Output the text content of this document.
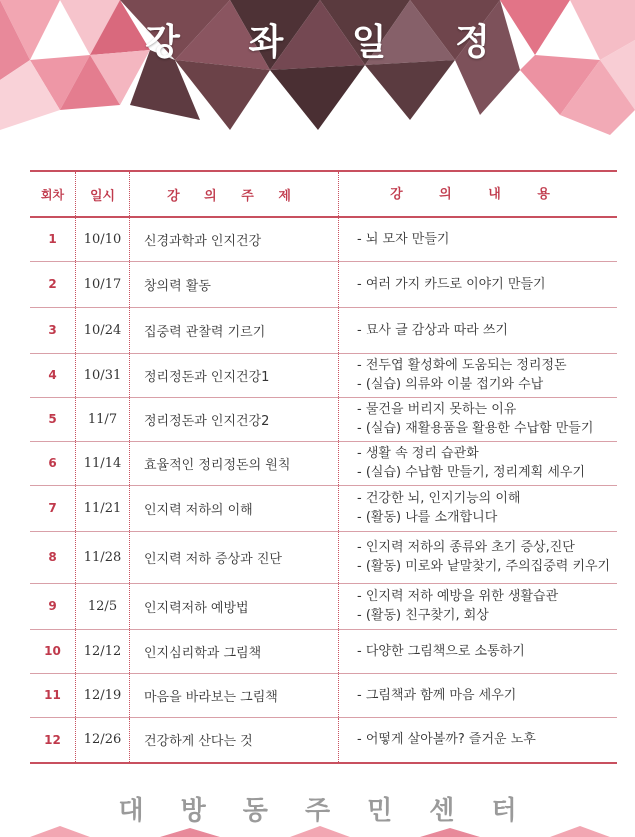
강 좌 일 정
회차	일시	강 의 주 제	강 의 내 용
1	10/10	신경과학과 인지건강	- 뇌 모자 만들기

2	10/17	창의력 활동	- 여러 가지 카드로 이야기 만들기

3	10/24	집중력 관찰력 기르기	- 묘사 글 감상과 따라 쓰기

4	10/31	정리정돈과 인지건강1	- 전두엽 활성화에 도움되는 정리정돈
- (실습) 의류와 이불 접기와 수납

5	11/7	정리정돈과 인지건강2	- 물건을 버리지 못하는 이유
- (실습) 재활용품을 활용한 수납함 만들기

6	11/14	효율적인 정리정돈의 원칙	- 생활 속 정리 습관화
- (실습) 수납함 만들기, 정리계획 세우기

7	11/21	인지력 저하의 이해	- 건강한 뇌, 인지기능의 이해
- (활동) 나를 소개합니다

8	11/28	인지력 저하 증상과 진단	- 인지력 저하의 종류와 초기 증상,진단
- (활동) 미로와 낱말찾기, 주의집중력 키우기

9	12/5	인지력저하 예방법	- 인지력 저하 예방을 위한 생활습관
- (활동) 친구찾기, 회상

10	12/12	인지심리학과 그림책	- 다양한 그림책으로 소통하기

11	12/19	마음을 바라보는 그림책	- 그림책과 함께 마음 세우기

12	12/26	건강하게 산다는 것	- 어떻게 살아볼까? 즐거운 노후
대 방 동 주 민 센 터
